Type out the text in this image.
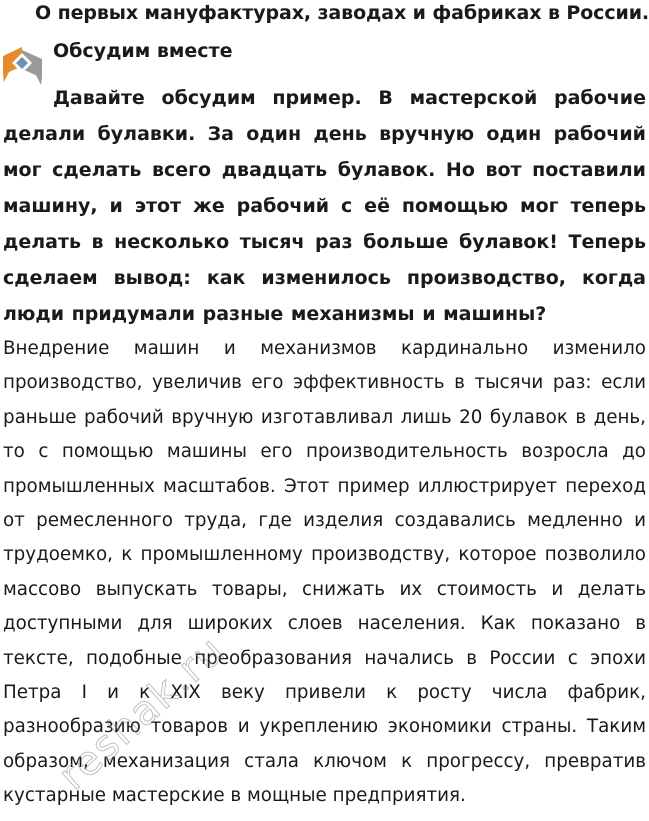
О первых мануфактурах, заводах и фабриках в России.
Обсудим вместе

Давайте обсудим пример. В мастерской рабочие делали булавки. За один день вручную один рабочий мог сделать всего двадцать булавок. Но вот поставили машину, и этот же рабочий с её помощью мог теперь делать в несколько тысяч раз больше булавок! Теперь сделаем вывод: как изменилось производство, когда люди придумали разные механизмы и машины?

Внедрение машин и механизмов кардинально изменило производство, увеличив его эффективность в тысячи раз: если раньше рабочий вручную изготавливал лишь 20 булавок в день, то с помощью машины его производительность возросла до промышленных масштабов. Этот пример иллюстрирует переход от ремесленного труда, где изделия создавались медленно и трудоемко, к промышленному производству, которое позволило массово выпускать товары, снижать их стоимость и делать доступными для широких слоев населения. Как показано в тексте, подобные преобразования начались в России с эпохи Петра I и к XIX веку привели к росту числа фабрик, разнообразию товаров и укреплению экономики страны. Таким образом, механизация стала ключом к прогрессу, превратив кустарные мастерские в мощные предприятия.

reshak.ru
